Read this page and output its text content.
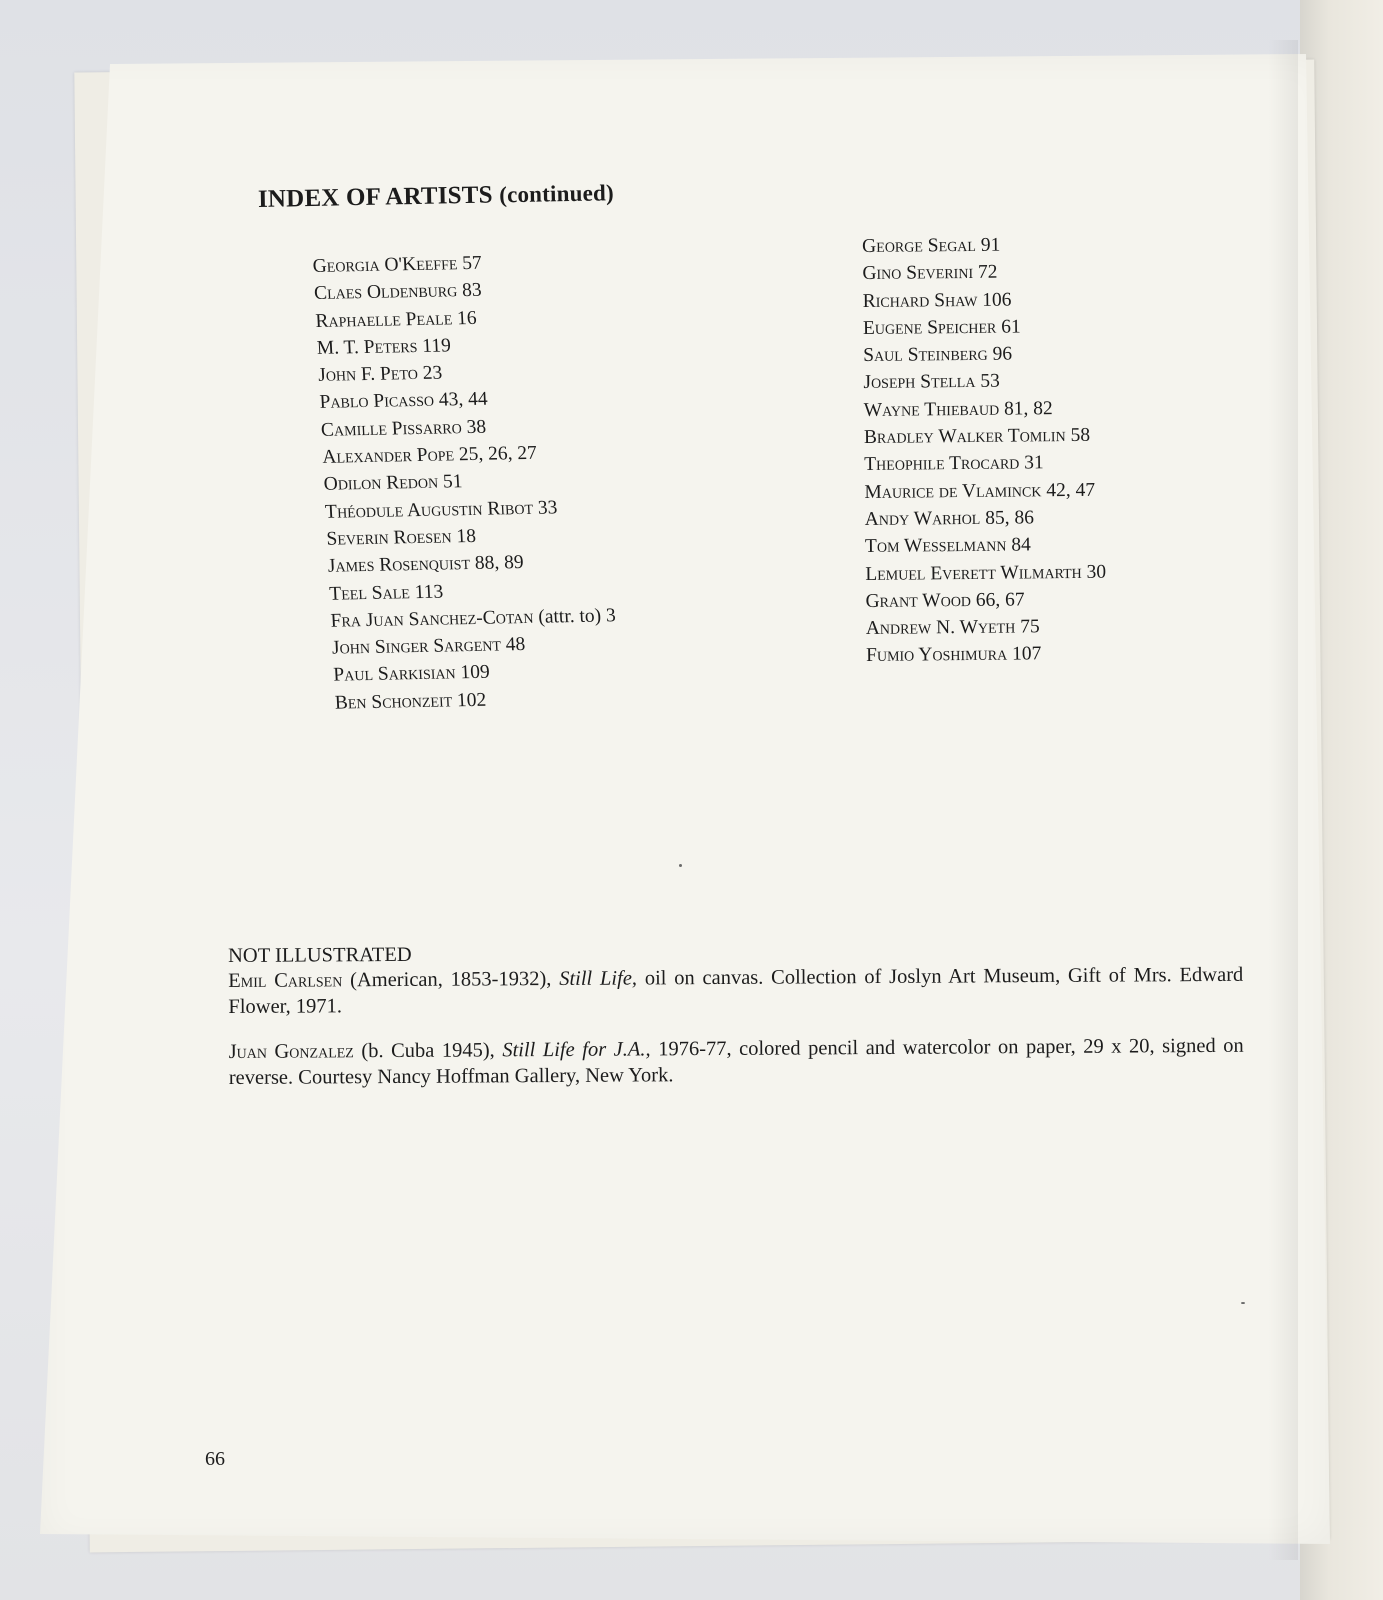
INDEX OF ARTISTS (continued)
Georgia O'Keeffe 57
Claes Oldenburg 83
Raphaelle Peale 16
M. T. Peters 119
John F. Peto 23
Pablo Picasso 43, 44
Camille Pissarro 38
Alexander Pope 25, 26, 27
Odilon Redon 51
Théodule Augustin Ribot 33
Severin Roesen 18
James Rosenquist 88, 89
Teel Sale 113
Fra Juan Sanchez-Cotan (attr. to) 3
John Singer Sargent 48
Paul Sarkisian 109
Ben Schonzeit 102
George Segal 91
Gino Severini 72
Richard Shaw 106
Eugene Speicher 61
Saul Steinberg 96
Joseph Stella 53
Wayne Thiebaud 81, 82
Bradley Walker Tomlin 58
Theophile Trocard 31
Maurice de Vlaminck 42, 47
Andy Warhol 85, 86
Tom Wesselmann 84
Lemuel Everett Wilmarth 30
Grant Wood 66, 67
Andrew N. Wyeth 75
Fumio Yoshimura 107
NOT ILLUSTRATED

Emil Carlsen (American, 1853-1932), Still Life, oil on canvas. Collection of Joslyn Art Museum, Gift of Mrs. Edward Flower, 1971.

Juan Gonzalez (b. Cuba 1945), Still Life for J.A., 1976-77, colored pencil and watercolor on paper, 29 x 20, signed on reverse. Courtesy Nancy Hoffman Gallery, New York.

66
